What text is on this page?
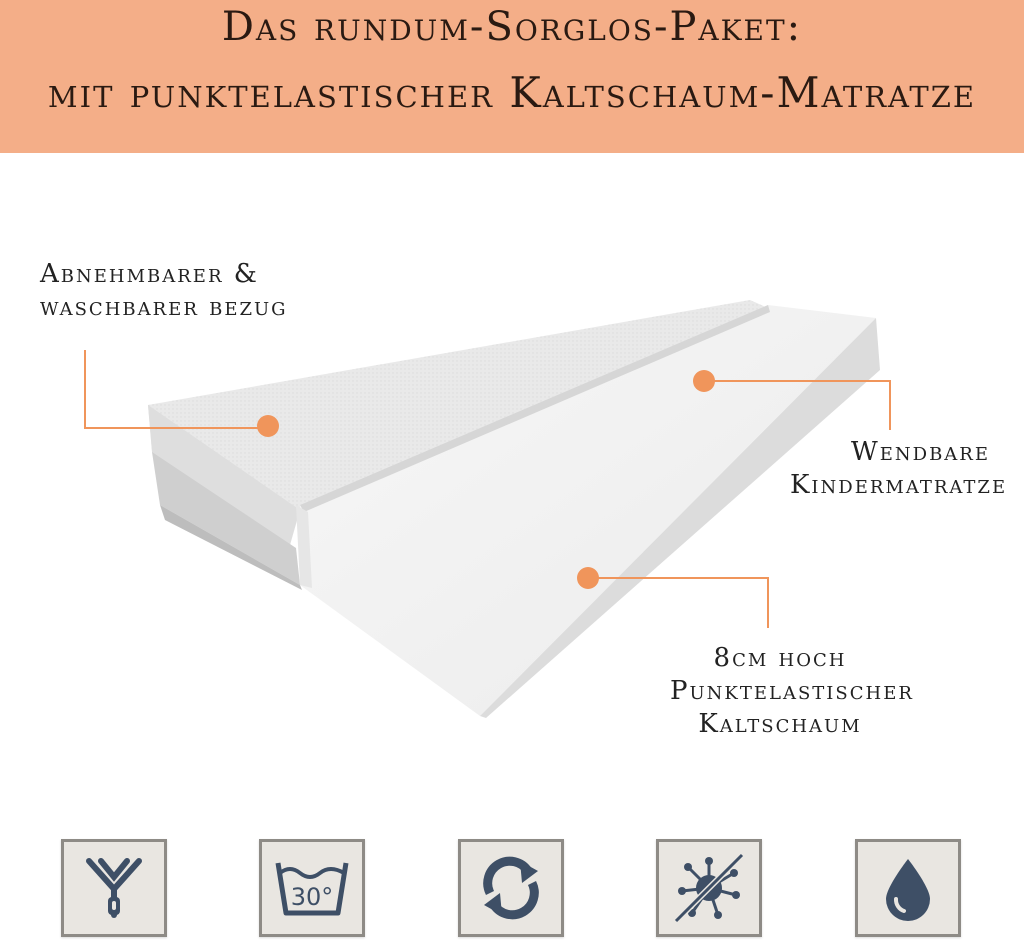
Das rundum-Sorglos-Paket:
mit punktelastischer Kaltschaum-Matratze
Abnehmbarer &
waschbarer bezug
Wendbare
Kindermatratze
8cm hoch
Punktelastischer
Kaltschaum
30°
